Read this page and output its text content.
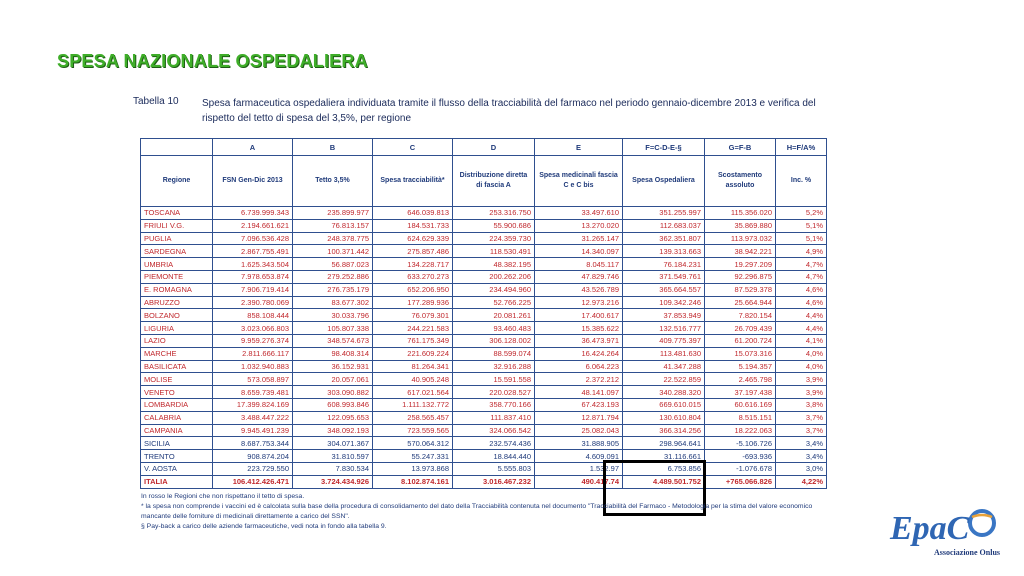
SPESA NAZIONALE OSPEDALIERA
Tabella 10 Spesa farmaceutica ospedaliera individuata tramite il flusso della tracciabilità del farmaco nel periodo gennaio-dicembre 2013 e verifica del rispetto del tetto di spesa del 3,5%, per regione
	A	B	C	D	E	F=C-D-E-§	G=F-B	H=F/A%
Regione	FSN Gen-Dic 2013	Tetto 3,5%	Spesa tracciabilità*	Distribuzione diretta di fascia A	Spesa medicinali fascia C e C bis	Spesa Ospedaliera	Scostamento assoluto	Inc. %
TOSCANA	6.739.999.343	235.899.977	646.039.813	253.316.750	33.497.610	351.255.997	115.356.020	5,2%
FRIULI V.G.	2.194.661.621	76.813.157	184.531.733	55.900.686	13.270.020	112.683.037	35.869.880	5,1%
PUGLIA	7.096.536.428	248.378.775	624.629.339	224.359.730	31.265.147	362.351.807	113.973.032	5,1%
SARDEGNA	2.867.755.491	100.371.442	275.857.486	118.530.491	14.340.097	139.313.663	38.942.221	4,9%
UMBRIA	1.625.343.504	56.887.023	134.228.717	48.382.195	8.045.117	76.184.231	19.297.209	4,7%
PIEMONTE	7.978.653.874	279.252.886	633.270.273	200.262.206	47.829.746	371.549.761	92.296.875	4,7%
E. ROMAGNA	7.906.719.414	276.735.179	652.206.950	234.494.960	43.526.789	365.664.557	87.529.378	4,6%
ABRUZZO	2.390.780.069	83.677.302	177.289.936	52.766.225	12.973.216	109.342.246	25.664.944	4,6%
BOLZANO	858.108.444	30.033.796	76.079.301	20.081.261	17.400.617	37.853.949	7.820.154	4,4%
LIGURIA	3.023.066.803	105.807.338	244.221.583	93.460.483	15.385.622	132.516.777	26.709.439	4,4%
LAZIO	9.959.276.374	348.574.673	761.175.349	306.128.002	36.473.971	409.775.397	61.200.724	4,1%
MARCHE	2.811.666.117	98.408.314	221.609.224	88.599.074	16.424.264	113.481.630	15.073.316	4,0%
BASILICATA	1.032.940.883	36.152.931	81.264.341	32.916.288	6.064.223	41.347.288	5.194.357	4,0%
MOLISE	573.058.897	20.057.061	40.905.248	15.591.558	2.372.212	22.522.859	2.465.798	3,9%
VENETO	8.659.739.481	303.090.882	617.021.564	220.028.527	48.141.097	340.288.320	37.197.438	3,9%
LOMBARDIA	17.399.824.169	608.993.846	1.111.132.772	358.770.166	67.423.193	669.610.015	60.616.169	3,8%
CALABRIA	3.488.447.222	122.095.653	258.565.457	111.837.410	12.871.794	130.610.804	8.515.151	3,7%
CAMPANIA	9.945.491.239	348.092.193	723.559.565	324.066.542	25.082.043	366.314.256	18.222.063	3,7%
SICILIA	8.687.753.344	304.071.367	570.064.312	232.574.436	31.888.905	298.964.641	-5.106.726	3,4%
TRENTO	908.874.204	31.810.597	55.247.331	18.844.440	4.609.091	31.116.661	-693.936	3,4%
V. AOSTA	223.729.550	7.830.534	13.973.868	5.555.803	1.532.97	6.753.856	-1.076.678	3,0%
ITALIA	106.412.426.471	3.724.434.926	8.102.874.161	3.016.467.232	490.417.74	4.489.501.752	+765.066.826	4,22%
In rosso le Regioni che non rispettano il tetto di spesa.
* la spesa non comprende i vaccini ed è calcolata sulla base della procedura di consolidamento del dato della Tracciabilità contenuta nel documento "Tracciabilità del Farmaco - Metodologia per la stima del valore economico mancante delle forniture di medicinali direttamente a carico del SSN".
§ Pay-back a carico delle aziende farmaceutiche, vedi nota in fondo alla tabella 9.	EpaC
Associazione Onlus
